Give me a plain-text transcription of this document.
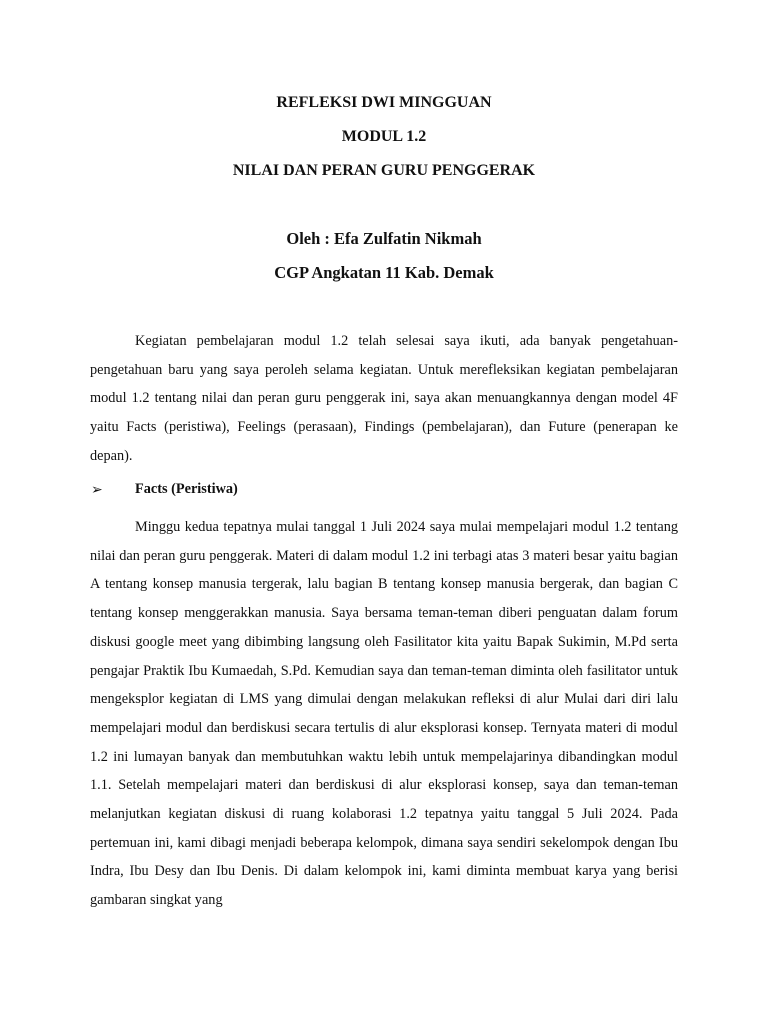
REFLEKSI DWI MINGGUAN
MODUL 1.2
NILAI DAN PERAN GURU PENGGERAK
Oleh : Efa Zulfatin Nikmah
CGP Angkatan 11 Kab. Demak
Kegiatan pembelajaran modul 1.2 telah selesai saya ikuti, ada banyak pengetahuan-pengetahuan baru yang saya peroleh selama kegiatan. Untuk merefleksikan kegiatan pembelajaran modul 1.2 tentang nilai dan peran guru penggerak ini, saya akan menuangkannya dengan model 4F yaitu Facts (peristiwa), Feelings (perasaan), Findings (pembelajaran), dan Future (penerapan ke depan).
➢ Facts (Peristiwa)
Minggu kedua tepatnya mulai tanggal 1 Juli 2024 saya mulai mempelajari modul 1.2 tentang nilai dan peran guru penggerak. Materi di dalam modul 1.2 ini terbagi atas 3 materi besar yaitu bagian A tentang konsep manusia tergerak, lalu bagian B tentang konsep manusia bergerak, dan bagian C tentang konsep menggerakkan manusia. Saya bersama teman-teman diberi penguatan dalam forum diskusi google meet yang dibimbing langsung oleh Fasilitator kita yaitu Bapak Sukimin, M.Pd serta pengajar Praktik Ibu Kumaedah, S.Pd. Kemudian saya dan teman-teman diminta oleh fasilitator untuk mengeksplor kegiatan di LMS yang dimulai dengan melakukan refleksi di alur Mulai dari diri lalu mempelajari modul dan berdiskusi secara tertulis di alur eksplorasi konsep. Ternyata materi di modul 1.2 ini lumayan banyak dan membutuhkan waktu lebih untuk mempelajarinya dibandingkan modul 1.1. Setelah mempelajari materi dan berdiskusi di alur eksplorasi konsep, saya dan teman-teman melanjutkan kegiatan diskusi di ruang kolaborasi 1.2 tepatnya yaitu tanggal 5 Juli 2024. Pada pertemuan ini, kami dibagi menjadi beberapa kelompok, dimana saya sendiri sekelompok dengan Ibu Indra, Ibu Desy dan Ibu Denis. Di dalam kelompok ini, kami diminta membuat karya yang berisi gambaran singkat yang
